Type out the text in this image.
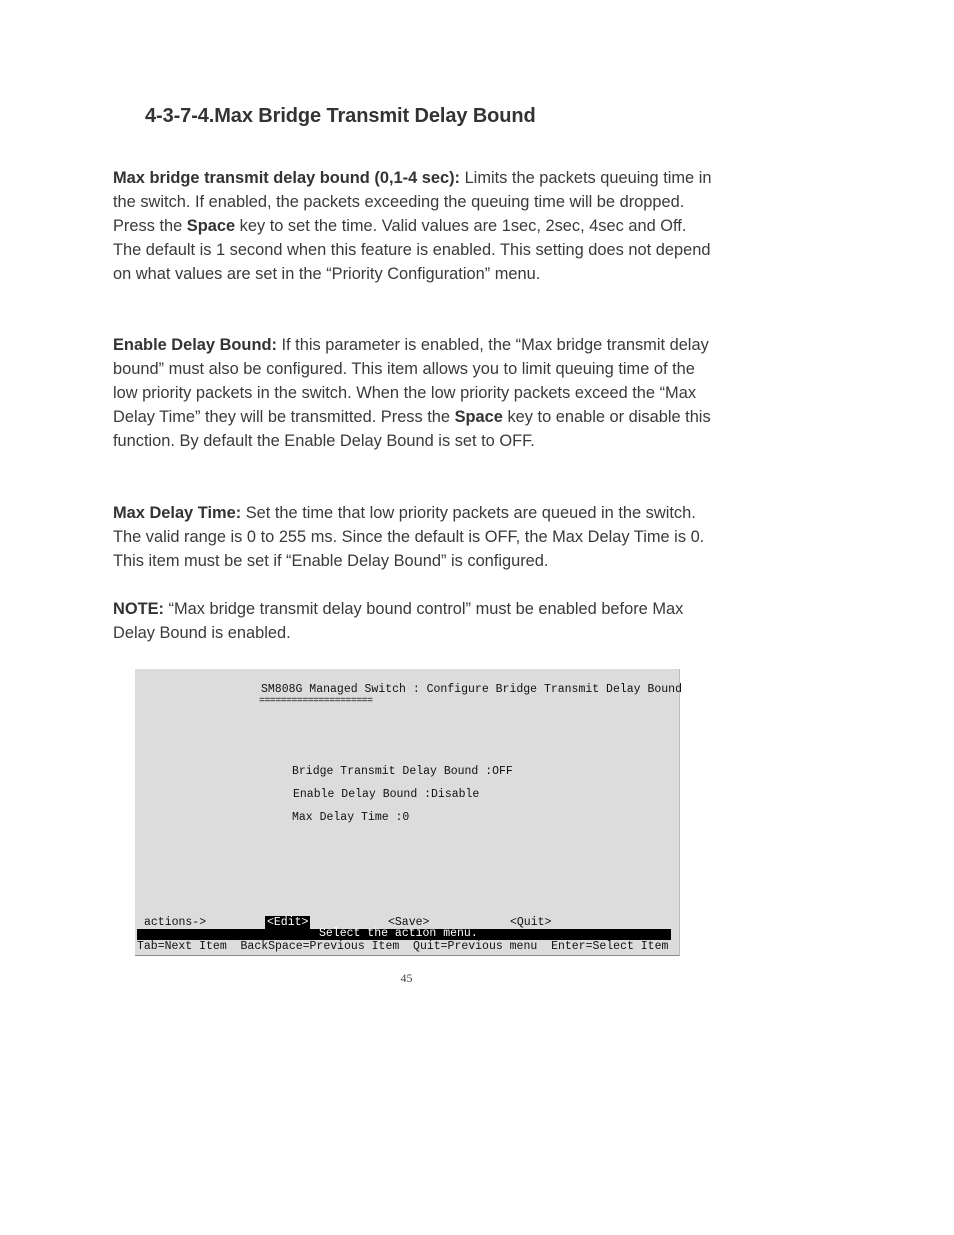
4-3-7-4.Max Bridge Transmit Delay Bound

Max bridge transmit delay bound (0,1-4 sec): Limits the packets queuing time in the switch. If enabled, the packets exceeding the queuing time will be dropped. Press the Space key to set the time. Valid values are 1sec, 2sec, 4sec and Off. The default is 1 second when this feature is enabled. This setting does not depend on what values are set in the “Priority Configuration” menu.

Enable Delay Bound: If this parameter is enabled, the “Max bridge transmit delay bound” must also be configured. This item allows you to limit queuing time of the low priority packets in the switch. When the low priority packets exceed the “Max Delay Time” they will be transmitted. Press the Space key to enable or disable this function. By default the Enable Delay Bound is set to OFF.

Max Delay Time: Set the time that low priority packets are queued in the switch. The valid range is 0 to 255 ms. Since the default is OFF, the Max Delay Time is 0. This item must be set if “Enable Delay Bound” is configured.

NOTE: “Max bridge transmit delay bound control” must be enabled before Max Delay Bound is enabled.

SM808G Managed Switch : Configure Bridge Transmit Delay Bound
=====================
Bridge Transmit Delay Bound :OFF
Enable Delay Bound :Disable
Max Delay Time :0
actions->	<Edit>	<Save>	<Quit>
Select the action menu.
Tab=Next Item  BackSpace=Previous Item  Quit=Previous menu  Enter=Select Item
45
